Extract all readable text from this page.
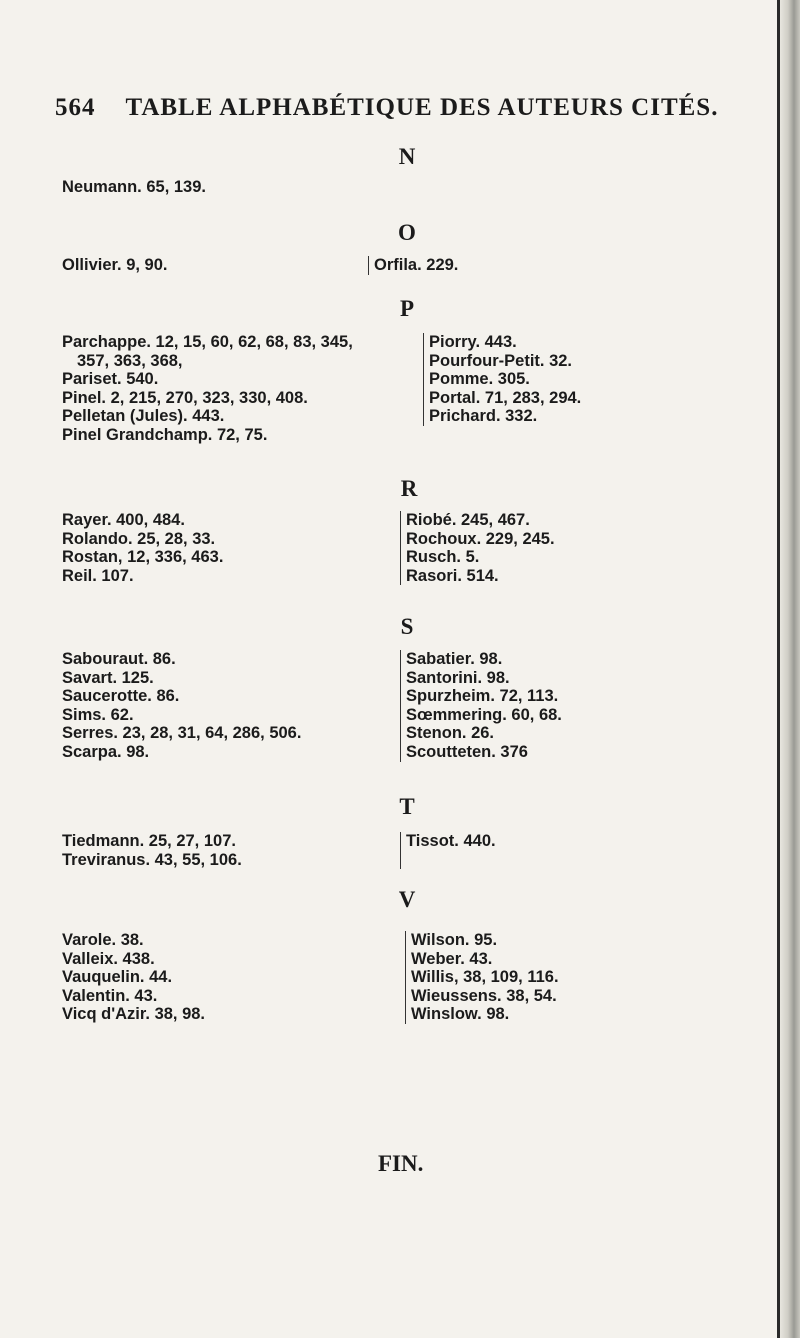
564 TABLE ALPHABÉTIQUE DES AUTEURS CITÉS.
N
Neumann. 65, 139.
O
Ollivier. 9, 90.	Orfila. 229.
P
Parchappe. 12, 15, 60, 62, 68, 83, 345,
357, 363, 368,
Pariset. 540.
Pinel. 2, 215, 270, 323, 330, 408.
Pelletan (Jules). 443.
Pinel Grandchamp. 72, 75.
Piorry. 443.
Pourfour-Petit. 32.
Pomme. 305.
Portal. 71, 283, 294.
Prichard. 332.
R
Rayer. 400, 484.
Rolando. 25, 28, 33.
Rostan, 12, 336, 463.
Reil. 107.
Riobé. 245, 467.
Rochoux. 229, 245.
Rusch. 5.
Rasori. 514.
S
Sabouraut. 86.
Savart. 125.
Saucerotte. 86.
Sims. 62.
Serres. 23, 28, 31, 64, 286, 506.
Scarpa. 98.
Sabatier. 98.
Santorini. 98.
Spurzheim. 72, 113.
Sœmmering. 60, 68.
Stenon. 26.
Scoutteten. 376
T
Tiedmann. 25, 27, 107.
Treviranus. 43, 55, 106.
Tissot. 440.
V
Varole. 38.
Valleix. 438.
Vauquelin. 44.
Valentin. 43.
Vicq d'Azir. 38, 98.
Wilson. 95.
Weber. 43.
Willis, 38, 109, 116.
Wieussens. 38, 54.
Winslow. 98.
FIN.
